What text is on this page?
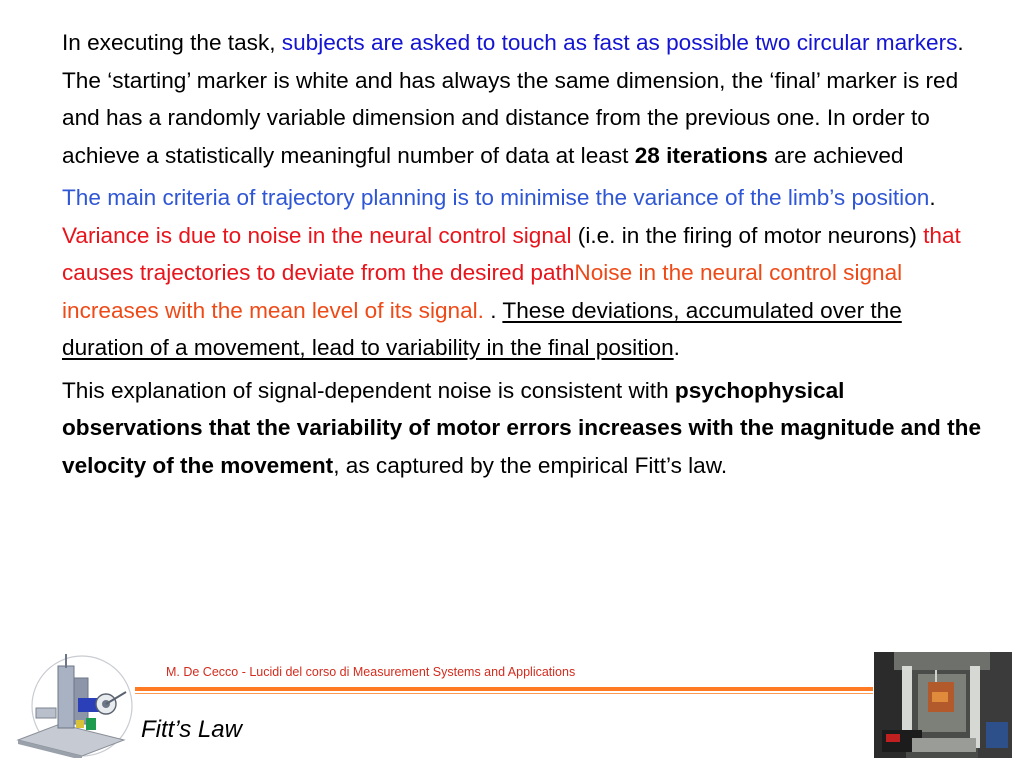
In executing the task, subjects are asked to touch as fast as possible two circular markers. The ‘starting’ marker is white and has always the same dimension, the ‘final’ marker is red and has a randomly variable dimension and distance from the previous one. In order to achieve a statistically meaningful number of data at least 28 iterations are achieved

The main criteria of trajectory planning is to minimise the variance of the limb’s position. Variance is due to noise in the neural control signal (i.e. in the firing of motor neurons) that causes trajectories to deviate from the desired pathNoise in the neural control signal increases with the mean level of its signal. . These deviations, accumulated over the duration of a movement, lead to variability in the final position.

This explanation of signal-dependent noise is consistent with psychophysical observations that the variability of motor errors increases with the magnitude and the velocity of the movement, as captured by the empirical Fitt’s law.

M. De Cecco - Lucidi del corso di Measurement Systems and Applications
Fitt’s Law
